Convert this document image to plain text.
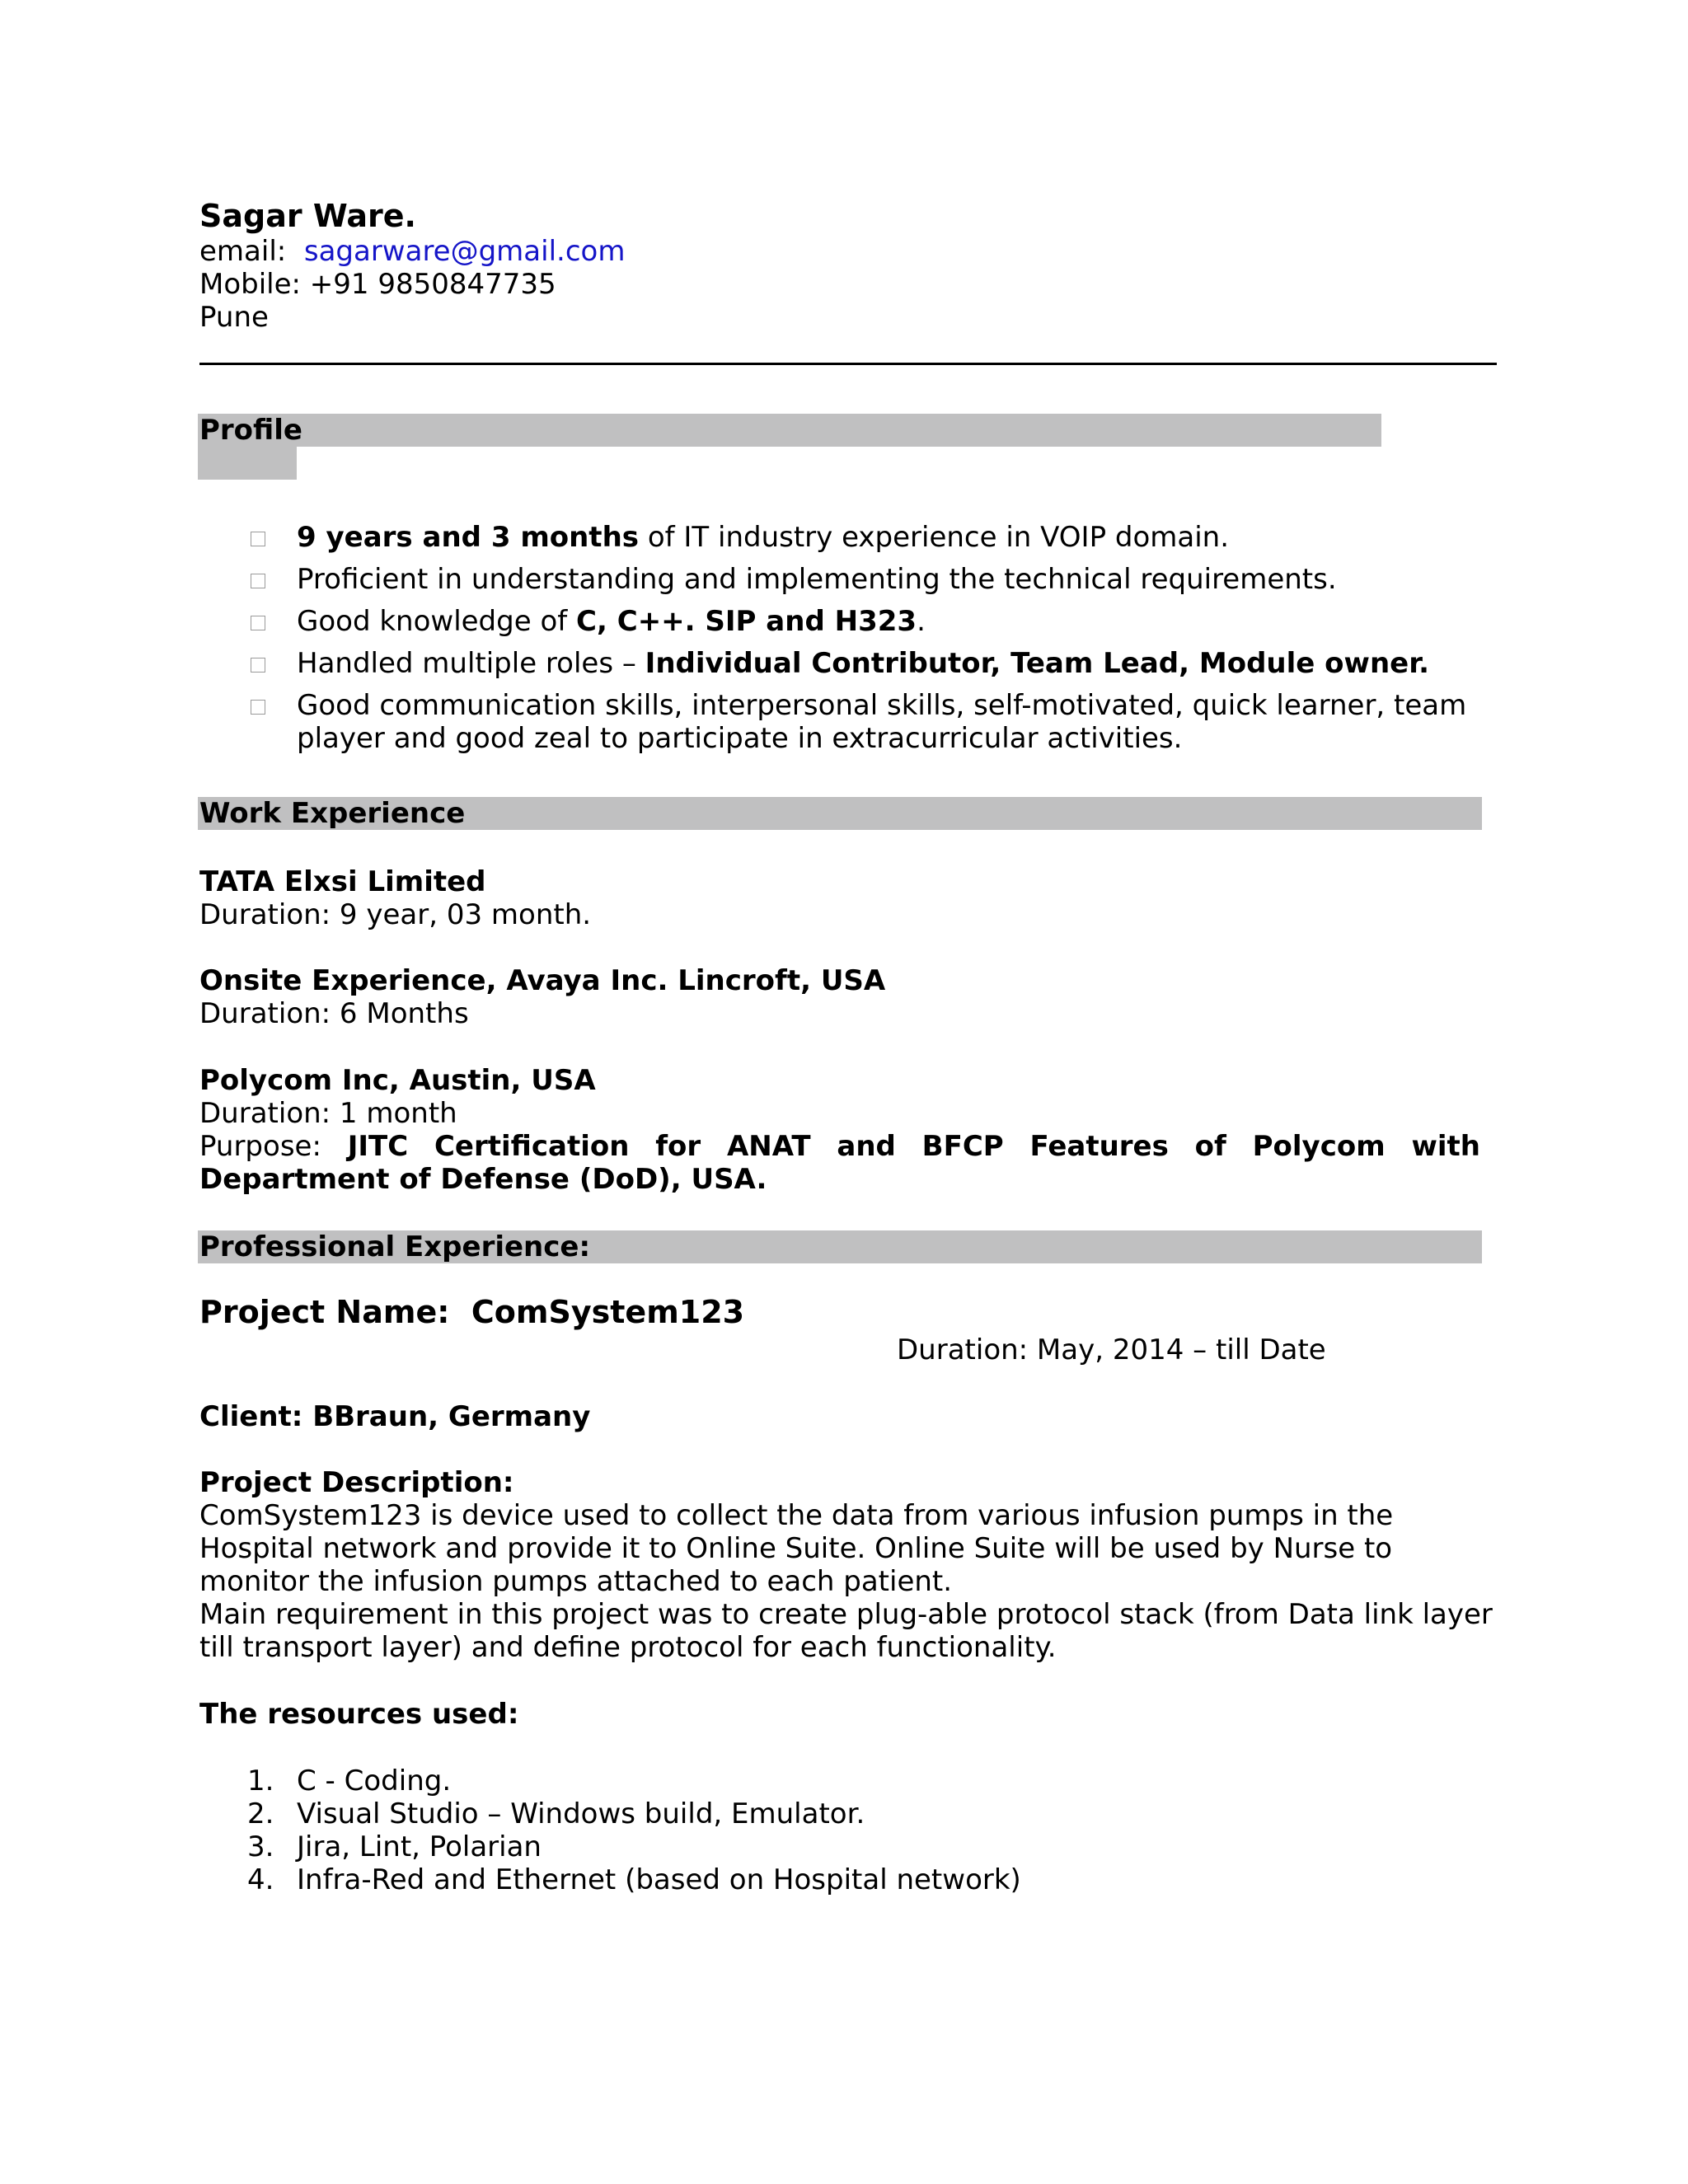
Sagar Ware.
email: sagarware@gmail.com
Mobile: +91 9850847735
Pune
Profile
9 years and 3 months of IT industry experience in VOIP domain.
Proficient in understanding and implementing the technical requirements.
Good knowledge of C, C++. SIP and H323.
Handled multiple roles – Individual Contributor, Team Lead, Module owner.
Good communication skills, interpersonal skills, self-motivated, quick learner, team
player and good zeal to participate in extracurricular activities.
Work Experience
TATA Elxsi Limited
Duration: 9 year, 03 month.
Onsite Experience, Avaya Inc. Lincroft, USA
Duration: 6 Months
Polycom Inc, Austin, USA
Duration: 1 month
Purpose: JITC Certification for ANAT and BFCP Features of Polycom with
Department of Defense (DoD), USA.
Professional Experience:
Project Name: ComSystem123
Duration: May, 2014 – till Date
Client: BBraun, Germany
Project Description:
ComSystem123 is device used to collect the data from various infusion pumps in the
Hospital network and provide it to Online Suite. Online Suite will be used by Nurse to
monitor the infusion pumps attached to each patient.
Main requirement in this project was to create plug-able protocol stack (from Data link layer
till transport layer) and define protocol for each functionality.
The resources used:
1. C - Coding.
2. Visual Studio – Windows build, Emulator.
3. Jira, Lint, Polarian
4. Infra-Red and Ethernet (based on Hospital network)
